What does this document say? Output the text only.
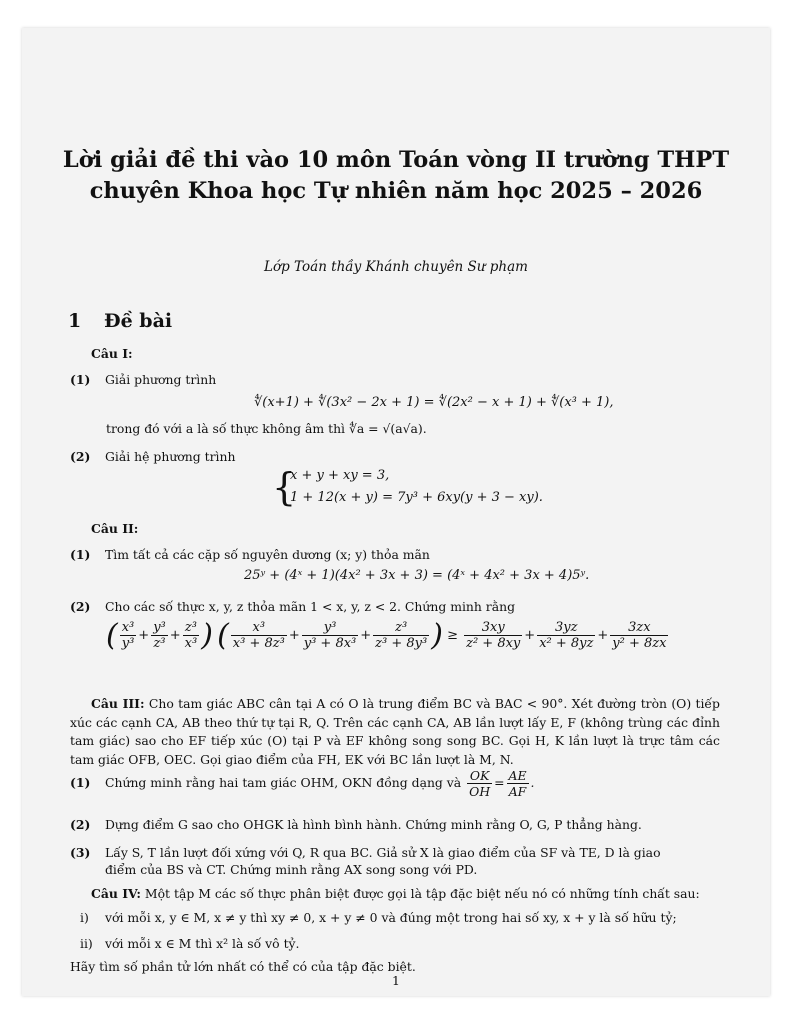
Lời giải đề thi vào 10 môn Toán vòng II trường THPT chuyên Khoa học Tự nhiên năm học 2025 – 2026
Lớp Toán thầy Khánh chuyên Sư phạm
1 Đề bài
Câu I:
(1) Giải phương trình
∜(x+1) + ∜(3x² − 2x + 1) = ∜(2x² − x + 1) + ∜(x³ + 1),
trong đó với a là số thực không âm thì ∜a = √(a√a).
(2) Giải hệ phương trình
{
x + y + xy = 3,
1 + 12(x + y) = 7y³ + 6xy(y + 3 − xy).
Câu II:
(1) Tìm tất cả các cặp số nguyên dương (x; y) thỏa mãn
25ʸ + (4ˣ + 1)(4x² + 3x + 3) = (4ˣ + 4x² + 3x + 4)5ʸ.
(2) Cho các số thực x, y, z thỏa mãn 1 < x, y, z < 2. Chứng minh rằng
( $\frac{\text{x³}}{\text{y³}} + \frac{\text{y³}}{\text{z³}} + \frac{\text{z³}}{\text{x³}}$ ) ( $\frac{\text{x³}}{\text{x³ + 8z³}} + \frac{\text{y³}}{\text{y³ + 8x³}} + \frac{\text{z³}}{\text{z³ + 8y³}}$ ) ≥ $\frac{3xy}{\text{z² + 8xy}} + \frac{3yz}{\text{x² + 8yz}} + \frac{3zx}{\text{y² + 8zx}}$
Câu III: Cho tam giác ABC cân tại A có O là trung điểm BC và BAC < 90°. Xét đường tròn (O) tiếp xúc các cạnh CA, AB theo thứ tự tại R, Q. Trên các cạnh CA, AB lần lượt lấy E, F (không trùng các đỉnh tam giác) sao cho EF tiếp xúc (O) tại P và EF không song song BC. Gọi H, K lần lượt là trực tâm các tam giác OFB, OEC. Gọi giao điểm của FH, EK với BC lần lượt là M, N.
(1) Chứng minh rằng hai tam giác OHM, OKN đồng dạng và $\frac{OK}{OH} = \frac{AE}{AF}$ .
(2) Dựng điểm G sao cho OHGK là hình bình hành. Chứng minh rằng O, G, P thẳng hàng.
(3) Lấy S, T lần lượt đối xứng với Q, R qua BC. Giả sử X là giao điểm của SF và TE, D là giao
điểm của BS và CT. Chứng minh rằng AX song song với PD.
Câu IV: Một tập M các số thực phân biệt được gọi là tập đặc biệt nếu nó có những tính chất sau:
i) với mỗi x, y ∈ M, x ≠ y thì xy ≠ 0, x + y ≠ 0 và đúng một trong hai số xy, x + y là số hữu tỷ;
ii) với mỗi x ∈ M thì x² là số vô tỷ.
Hãy tìm số phần tử lớn nhất có thể có của tập đặc biệt.
1
